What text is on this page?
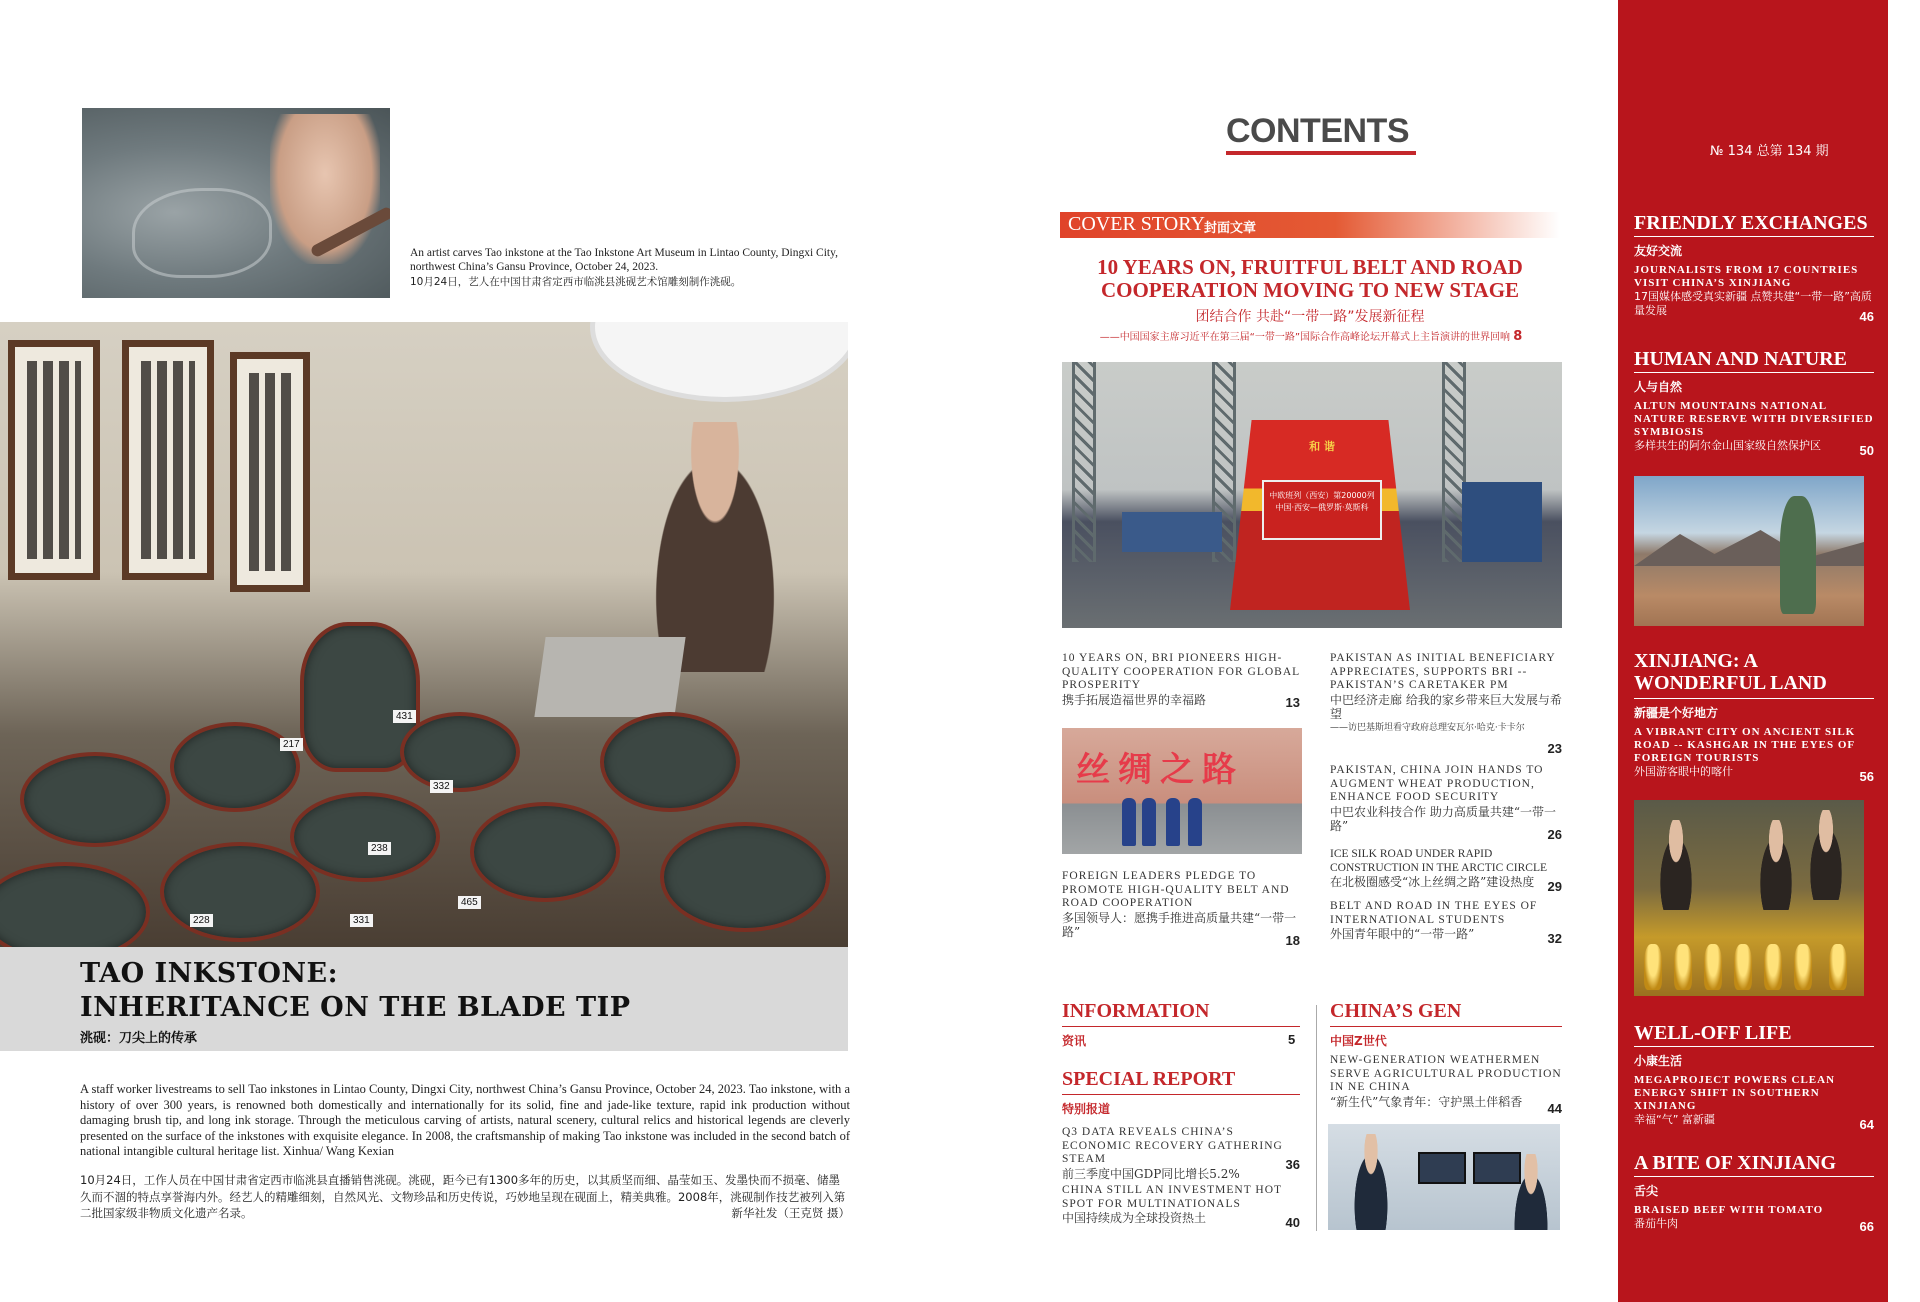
An artist carves Tao inkstone at the Tao Inkstone Art Museum in Lintao County, Dingxi City, northwest China’s Gansu Province, October 24, 2023.
10月24日，艺人在中国甘肃省定西市临洮县洮砚艺术馆雕刻制作洮砚。
431
217
332
238
465
331
228
TAO INKSTONE:
INHERITANCE ON THE BLADE TIP
洮砚：刀尖上的传承
A staff worker livestreams to sell Tao inkstones in Lintao County, Dingxi City, northwest China’s Gansu Province, October 24, 2023. Tao inkstone, with a history of over 300 years, is renowned both domestically and internationally for its solid, fine and jade-like texture, rapid ink production without damaging brush tip, and long ink storage. Through the meticulous carving of artists, natural scenery, cultural relics and historical legends are cleverly presented on the surface of the inkstones with exquisite elegance. In 2008, the craftsmanship of making Tao inkstone was included in the second batch of national intangible cultural heritage list. Xinhua/ Wang Kexian
10月24日，工作人员在中国甘肃省定西市临洮县直播销售洮砚。洮砚，距今已有1300多年的历史，以其质坚而细、晶莹如玉、发墨快而不损毫、储墨久而不涸的特点享誉海内外。经艺人的精雕细刻，自然风光、文物珍品和历史传说，巧妙地呈现在砚面上，精美典雅。2008年，洮砚制作技艺被列入第二批国家级非物质文化遗产名录。	新华社发（王克贤 摄）
CONTENTS
COVER STORY 封面文章
10 YEARS ON, FRUITFUL BELT AND ROAD
COOPERATION MOVING TO NEW STAGE
团结合作 共赴“一带一路”发展新征程
——中国国家主席习近平在第三届“一带一路”国际合作高峰论坛开幕式上主旨演讲的世界回响 8
和 谐
中欧班列（西安）第20000列 中国·西安—俄罗斯·莫斯科
10 YEARS ON, BRI PIONEERS HIGH-QUALITY COOPERATION FOR GLOBAL PROSPERITY
携手拓展造福世界的幸福路	13
丝绸之路
FOREIGN LEADERS PLEDGE TO PROMOTE HIGH-QUALITY BELT AND ROAD COOPERATION
多国领导人：愿携手推进高质量共建“一带一路”
18
PAKISTAN AS INITIAL BENEFICIARY APPRECIATES, SUPPORTS BRI -- PAKISTAN’S CARETAKER PM
中巴经济走廊 给我的家乡带来巨大发展与希望
——访巴基斯坦看守政府总理安瓦尔·哈克·卡卡尔
23
PAKISTAN, CHINA JOIN HANDS TO AUGMENT WHEAT PRODUCTION, ENHANCE FOOD SECURITY
中巴农业科技合作 助力高质量共建“一带一路”
26
ICE SILK ROAD UNDER RAPID CONSTRUCTION IN THE ARCTIC CIRCLE
在北极圈感受“冰上丝绸之路”建设热度	29
BELT AND ROAD IN THE EYES OF INTERNATIONAL STUDENTS
外国青年眼中的“一带一路”	32
INFORMATION
资讯	5
SPECIAL REPORT
特别报道
Q3 DATA REVEALS CHINA’S ECONOMIC RECOVERY GATHERING STEAM
前三季度中国GDP同比增长5.2%
36
CHINA STILL AN INVESTMENT HOT SPOT FOR MULTINATIONALS
中国持续成为全球投资热土	40
CHINA’S GEN
中国Z世代
NEW-GENERATION WEATHERMEN SERVE AGRICULTURAL PRODUCTION IN NE CHINA
“新生代”气象青年：守护黑土伴稻香	44
№ 134 总第 134 期
FRIENDLY EXCHANGES
友好交流
JOURNALISTS FROM 17 COUNTRIES VISIT CHINA’S XINJIANG
17国媒体感受真实新疆 点赞共建“一带一路”高质量发展	46
HUMAN AND NATURE
人与自然
ALTUN MOUNTAINS NATIONAL NATURE RESERVE WITH DIVERSIFIED SYMBIOSIS
多样共生的阿尔金山国家级自然保护区	50
XINJIANG: A WONDERFUL LAND
新疆是个好地方
A VIBRANT CITY ON ANCIENT SILK ROAD -- KASHGAR IN THE EYES OF FOREIGN TOURISTS
外国游客眼中的喀什	56
WELL-OFF LIFE
小康生活
MEGAPROJECT POWERS CLEAN ENERGY SHIFT IN SOUTHERN XINJIANG
幸福“气” 富新疆	64
A BITE OF XINJIANG
舌尖
BRAISED BEEF WITH TOMATO
番茄牛肉	66
